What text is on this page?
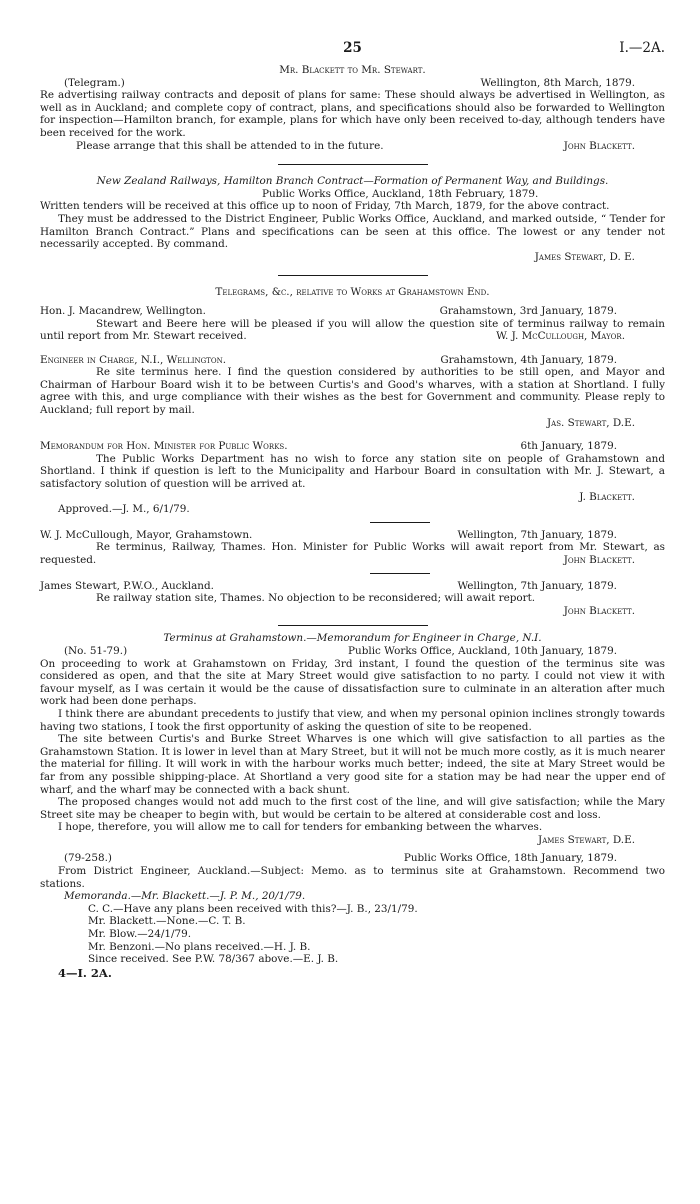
25	I.—2A.
Mr. Blackett to Mr. Stewart.
(Telegram.)	Wellington, 8th March, 1879.

Re advertising railway contracts and deposit of plans for same: These should always be advertised in Wellington, as well as in Auckland; and complete copy of contract, plans, and specifications should also be forwarded to Wellington for inspection—Hamilton branch, for example, plans for which have only been received to-day, although tenders have been received for the work.

Please arrange that this shall be attended to in the future.	John Blackett.
New Zealand Railways, Hamilton Branch Contract—Formation of Permanent Way, and Buildings.
Public Works Office, Auckland, 18th February, 1879.

Written tenders will be received at this office up to noon of Friday, 7th March, 1879, for the above contract.

They must be addressed to the District Engineer, Public Works Office, Auckland, and marked outside, “ Tender for Hamilton Branch Contract.” Plans and specifications can be seen at this office. The lowest or any tender not necessarily accepted. By command.

James Stewart, D. E.
Telegrams, &c., relative to Works at Grahamstown End.
Hon. J. Macandrew, Wellington.	Grahamstown, 3rd January, 1879.

Stewart and Beere here will be pleased if you will allow the question site of terminus railway to remain until report from Mr. Stewart received.	W. J. McCullough, Mayor.
Engineer in Charge, N.I., Wellington.	Grahamstown, 4th January, 1879.

Re site terminus here. I find the question considered by authorities to be still open, and Mayor and Chairman of Harbour Board wish it to be between Curtis's and Good's wharves, with a station at Shortland. I fully agree with this, and urge compliance with their wishes as the best for Government and community. Please reply to Auckland; full report by mail.

Jas. Stewart, D.E.
Memorandum for Hon. Minister for Public Works.	6th January, 1879.

The Public Works Department has no wish to force any station site on people of Grahamstown and Shortland. I think if question is left to the Municipality and Harbour Board in consultation with Mr. J. Stewart, a satisfactory solution of question will be arrived at.

J. Blackett.
Approved.—J. M., 6/1/79.
W. J. McCullough, Mayor, Grahamstown.	Wellington, 7th January, 1879.

Re terminus, Railway, Thames. Hon. Minister for Public Works will await report from Mr. Stewart, as requested.	John Blackett.
James Stewart, P.W.O., Auckland.	Wellington, 7th January, 1879.

Re railway station site, Thames. No objection to be reconsidered; will await report.

John Blackett.
Terminus at Grahamstown.—Memorandum for Engineer in Charge, N.I.
(No. 51-79.)	Public Works Office, Auckland, 10th January, 1879.

On proceeding to work at Grahamstown on Friday, 3rd instant, I found the question of the terminus site was considered as open, and that the site at Mary Street would give satisfaction to no party. I could not view it with favour myself, as I was certain it would be the cause of dissatisfaction sure to culminate in an alteration after much work had been done perhaps.

I think there are abundant precedents to justify that view, and when my personal opinion inclines strongly towards having two stations, I took the first opportunity of asking the question of site to be reopened.

The site between Curtis's and Burke Street Wharves is one which will give satisfaction to all parties as the Grahamstown Station. It is lower in level than at Mary Street, but it will not be much more costly, as it is much nearer the material for filling. It will work in with the harbour works much better; indeed, the site at Mary Street would be far from any possible shipping-place. At Shortland a very good site for a station may be had near the upper end of wharf, and the wharf may be connected with a back shunt.

The proposed changes would not add much to the first cost of the line, and will give satisfaction; while the Mary Street site may be cheaper to begin with, but would be certain to be altered at considerable cost and loss.

I hope, therefore, you will allow me to call for tenders for embanking between the wharves.

James Stewart, D.E.
(79-258.)	Public Works Office, 18th January, 1879.

From District Engineer, Auckland.—Subject: Memo. as to terminus site at Grahamstown. Recommend two stations.

Memoranda.—Mr. Blackett.—J. P. M., 20/1/79.
C. C.—Have any plans been received with this?—J. B., 23/1/79.
Mr. Blackett.—None.—C. T. B.
Mr. Blow.—24/1/79.
Mr. Benzoni.—No plans received.—H. J. B.
Since received. See P.W. 78/367 above.—E. J. B.
4—I. 2A.
